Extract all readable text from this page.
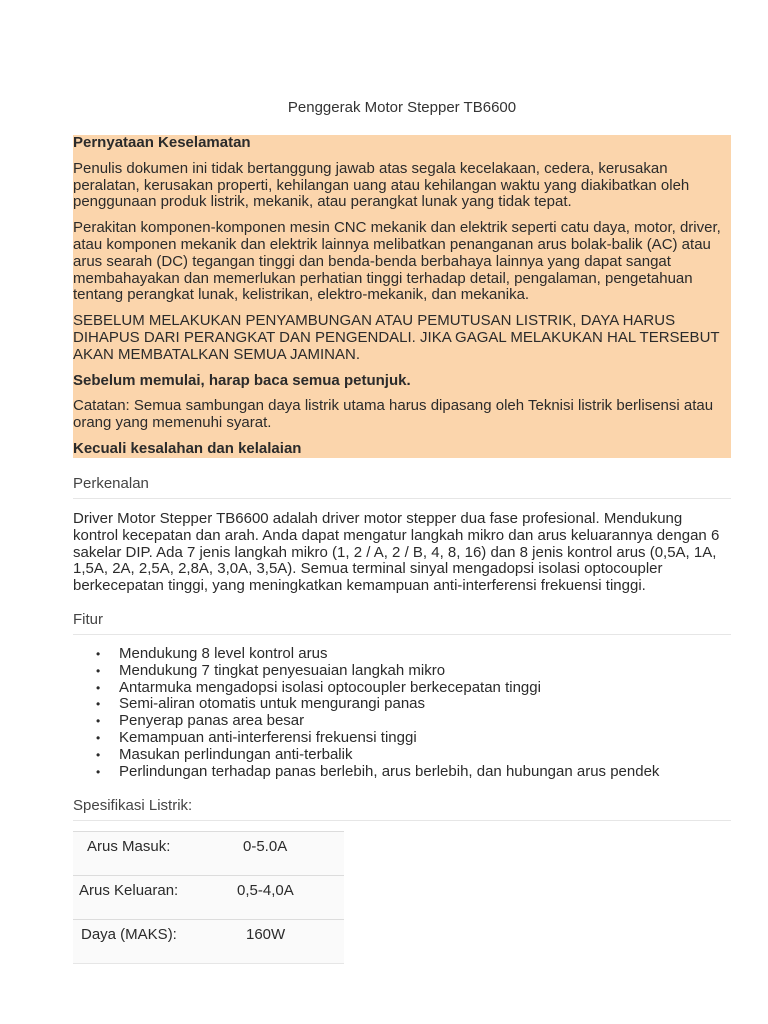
Penggerak Motor Stepper TB6600

Pernyataan Keselamatan

Penulis dokumen ini tidak bertanggung jawab atas segala kecelakaan, cedera, kerusakan peralatan, kerusakan properti, kehilangan uang atau kehilangan waktu yang diakibatkan oleh penggunaan produk listrik, mekanik, atau perangkat lunak yang tidak tepat.

Perakitan komponen-komponen mesin CNC mekanik dan elektrik seperti catu daya, motor, driver, atau komponen mekanik dan elektrik lainnya melibatkan penanganan arus bolak-balik (AC) atau arus searah (DC) tegangan tinggi dan benda-benda berbahaya lainnya yang dapat sangat membahayakan dan memerlukan perhatian tinggi terhadap detail, pengalaman, pengetahuan tentang perangkat lunak, kelistrikan, elektro-mekanik, dan mekanika.

SEBELUM MELAKUKAN PENYAMBUNGAN ATAU PEMUTUSAN LISTRIK, DAYA HARUS DIHAPUS DARI PERANGKAT DAN PENGENDALI. JIKA GAGAL MELAKUKAN HAL TERSEBUT AKAN MEMBATALKAN SEMUA JAMINAN.

Sebelum memulai, harap baca semua petunjuk.

Catatan: Semua sambungan daya listrik utama harus dipasang oleh Teknisi listrik berlisensi atau orang yang memenuhi syarat.

Kecuali kesalahan dan kelalaian

Perkenalan

Driver Motor Stepper TB6600 adalah driver motor stepper dua fase profesional. Mendukung kontrol kecepatan dan arah. Anda dapat mengatur langkah mikro dan arus keluarannya dengan 6 sakelar DIP. Ada 7 jenis langkah mikro (1, 2 / A, 2 / B, 4, 8, 16) dan 8 jenis kontrol arus (0,5A, 1A, 1,5A, 2A, 2,5A, 2,8A, 3,0A, 3,5A). Semua terminal sinyal mengadopsi isolasi optocoupler berkecepatan tinggi, yang meningkatkan kemampuan anti-interferensi frekuensi tinggi.

Fitur
• Mendukung 8 level kontrol arus
• Mendukung 7 tingkat penyesuaian langkah mikro
• Antarmuka mengadopsi isolasi optocoupler berkecepatan tinggi
• Semi-aliran otomatis untuk mengurangi panas
• Penyerap panas area besar
• Kemampuan anti-interferensi frekuensi tinggi
• Masukan perlindungan anti-terbalik
• Perlindungan terhadap panas berlebih, arus berlebih, dan hubungan arus pendek
Spesifikasi Listrik:
Arus Masuk:	0-5.0A
Arus Keluaran:	0,5-4,0A
Daya (MAKS):	160W
